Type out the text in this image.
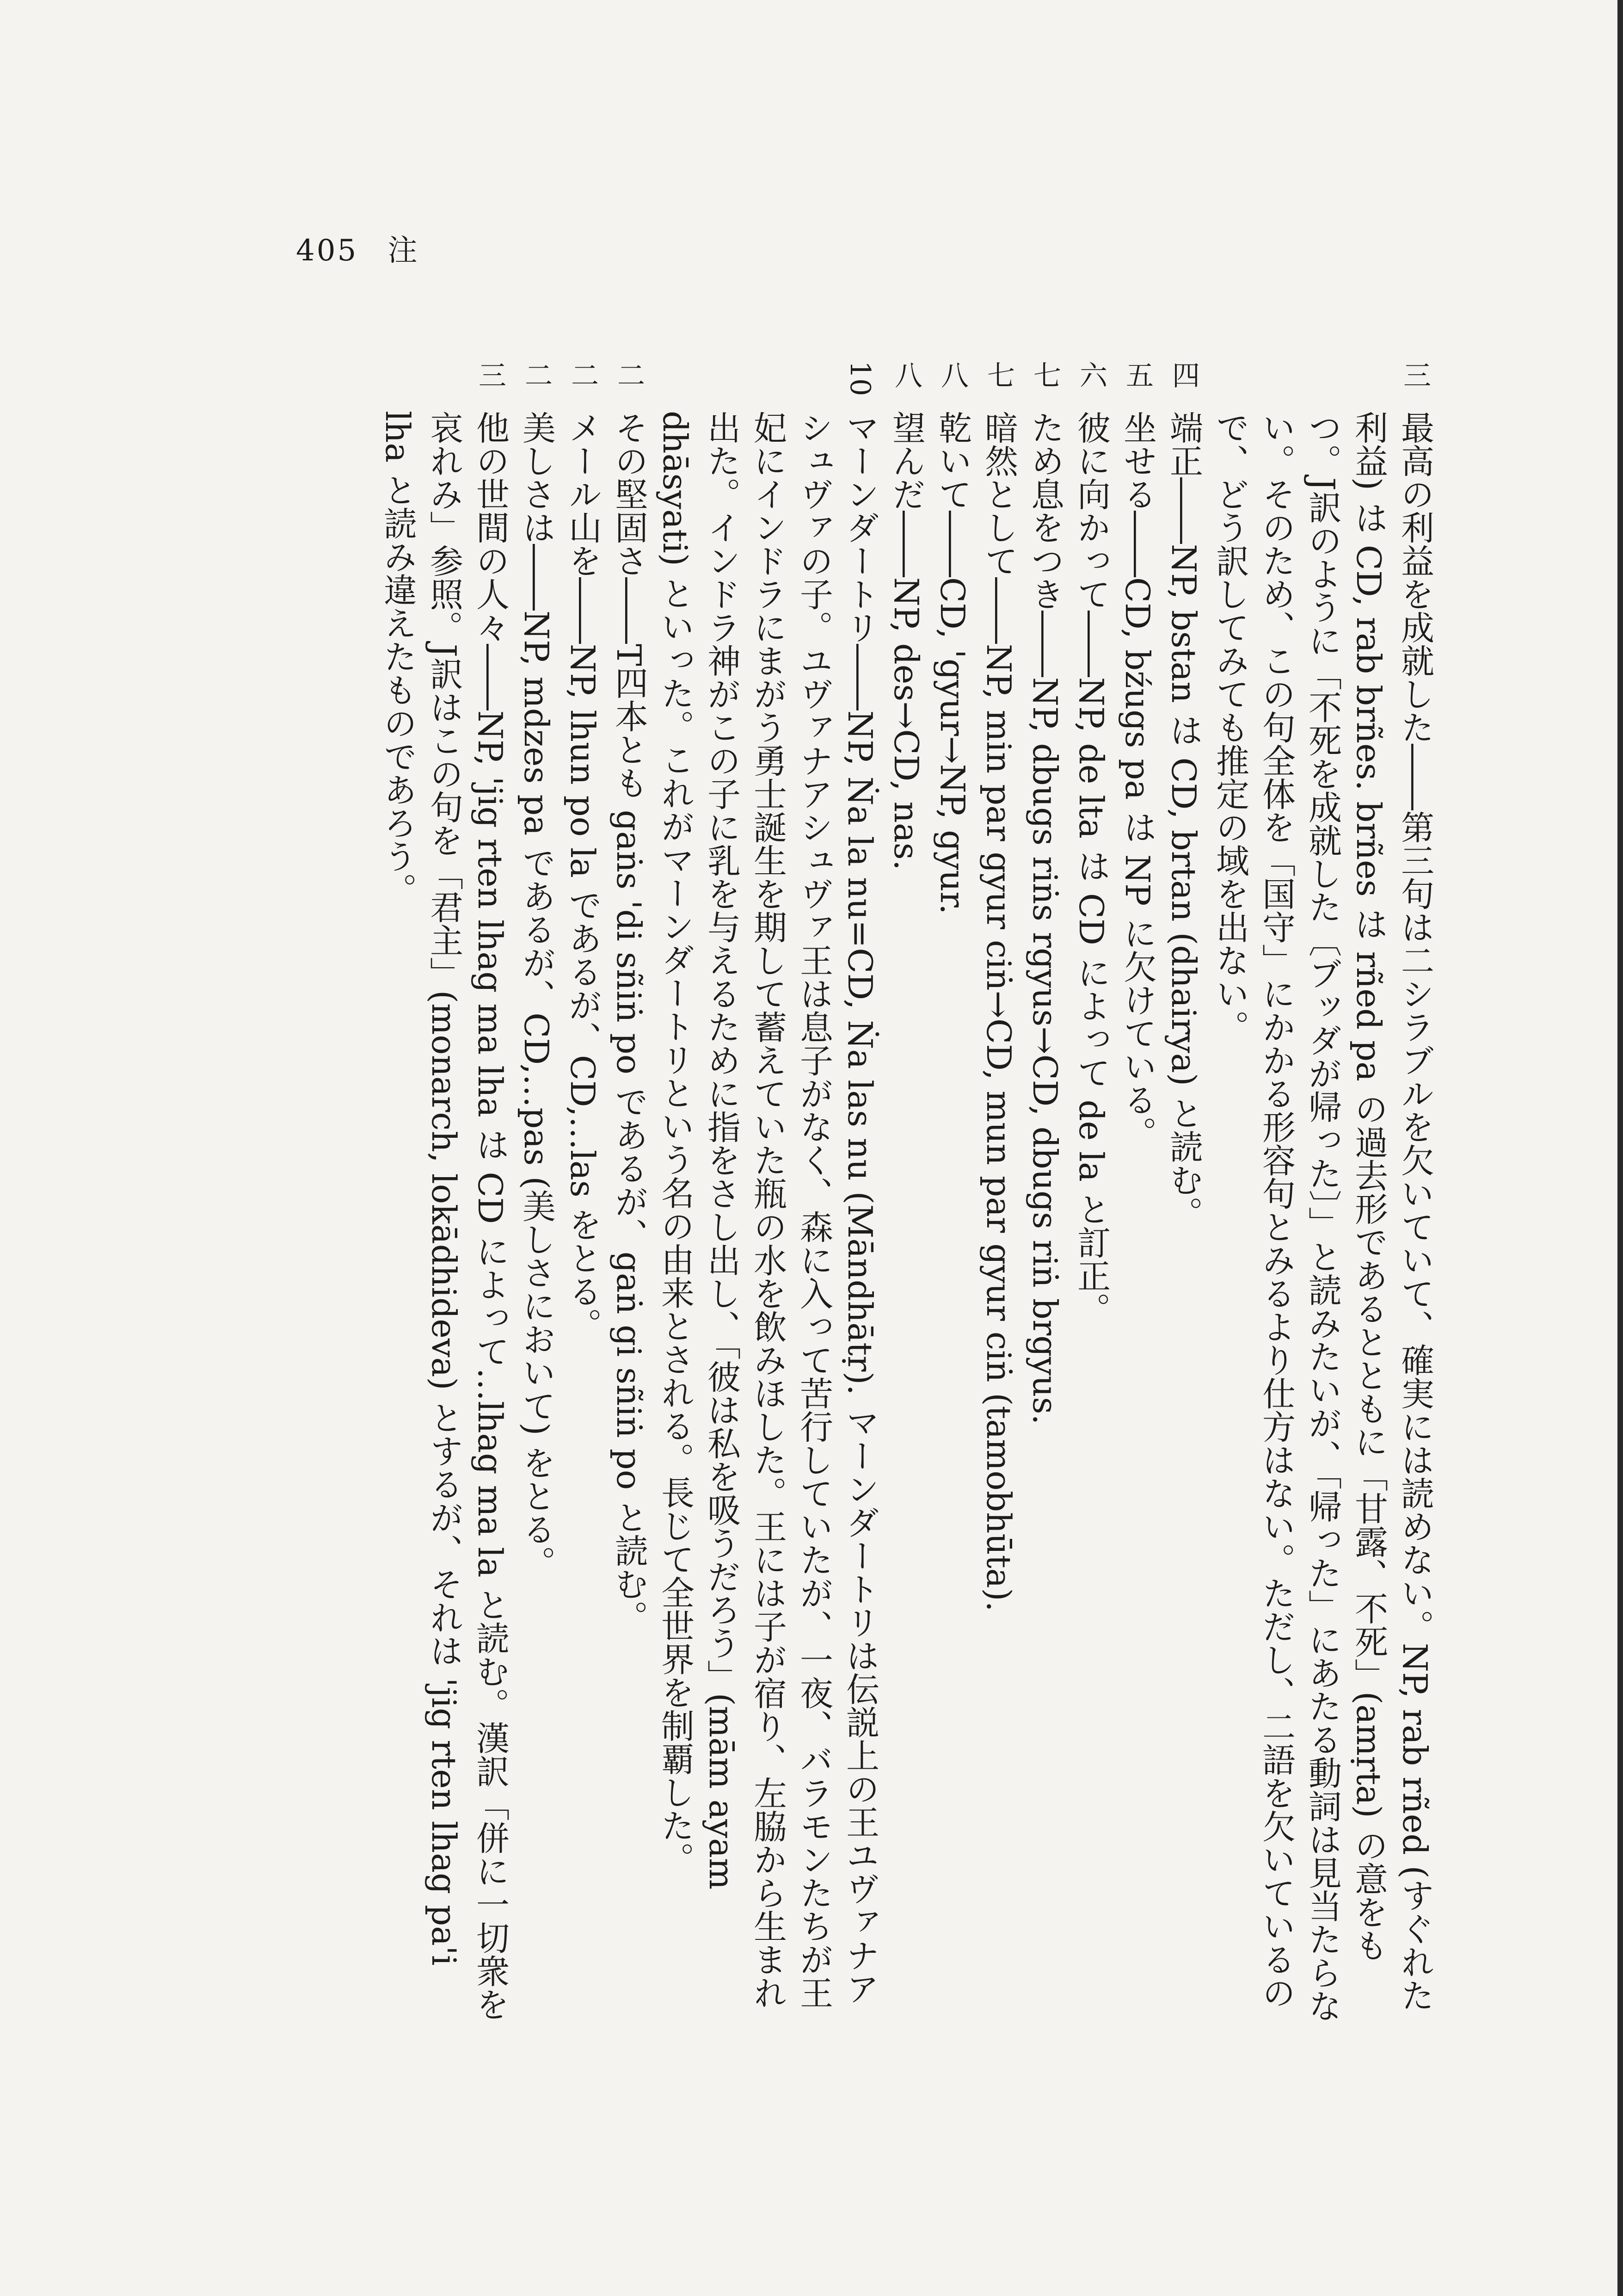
405 注

三
最高の利益を成就した――第三句は二シラブルを欠いていて、確実には読めない。NP, rab rñed (すぐれた利益) は CD, rab brñes. brñes は rñed pa の過去形であるとともに「甘露、不死」(amṛta) の意をもつ。J訳のように「不死を成就した〔ブッダが帰った〕」と読みたいが、「帰った」にあたる動詞は見当たらない。そのため、この句全体を「国守」にかかる形容句とみるより仕方はない。ただし、二語を欠いているので、どう訳してみても推定の域を出ない。

四
端正――NP, bstan は CD, brtan (dhairya) と読む。

五
坐せる――CD, bźugs pa は NP に欠けている。

六
彼に向かって――NP, de lta は CD によって de la と訂正。

七
ため息をつき――NP, dbugs riṅs rgyus→CD, dbugs riṅ brgyus.

七
暗然として――NP, min par gyur ciṅ→CD, mun par gyur ciṅ (tamobhūta).

八
乾いて――CD, 'gyur→NP, gyur.

八
望んだ――NP, des→CD, nas.

10
マーンダートリ――NP, Ṅa la nu=CD, Ṅa las nu (Māndhātṛ). マーンダートリは伝説上の王ユヴァナアシュヴァの子。ユヴァナアシュヴァ王は息子がなく、森に入って苦行していたが、一夜、バラモンたちが王妃にインドラにまがう勇士誕生を期して蓄えていた瓶の水を飲みほした。王には子が宿り、左脇から生まれ出た。インドラ神がこの子に乳を与えるために指をさし出し、「彼は私を吸うだろう」(mām ayam dhāsyati) といった。これがマーンダートリという名の由来とされる。長じて全世界を制覇した。

二
その堅固さ――T四本とも gaṅs 'di sñiṅ po であるが、gaṅ gi sñiṅ po と読む。

二
メール山を――NP, lhun po la であるが、CD,…las をとる。

二
美しさは――NP, mdzes pa であるが、CD,…pas (美しさにおいて) をとる。

三
他の世間の人々――NP, 'jig rten lhag ma lha は CD によって…lhag ma la と読む。漢訳「併に一切衆を哀れみ」参照。J訳はこの句を「君主」(monarch, lokādhideva) とするが、それは 'jig rten lhag pa'i lha と読み違えたものであろう。
